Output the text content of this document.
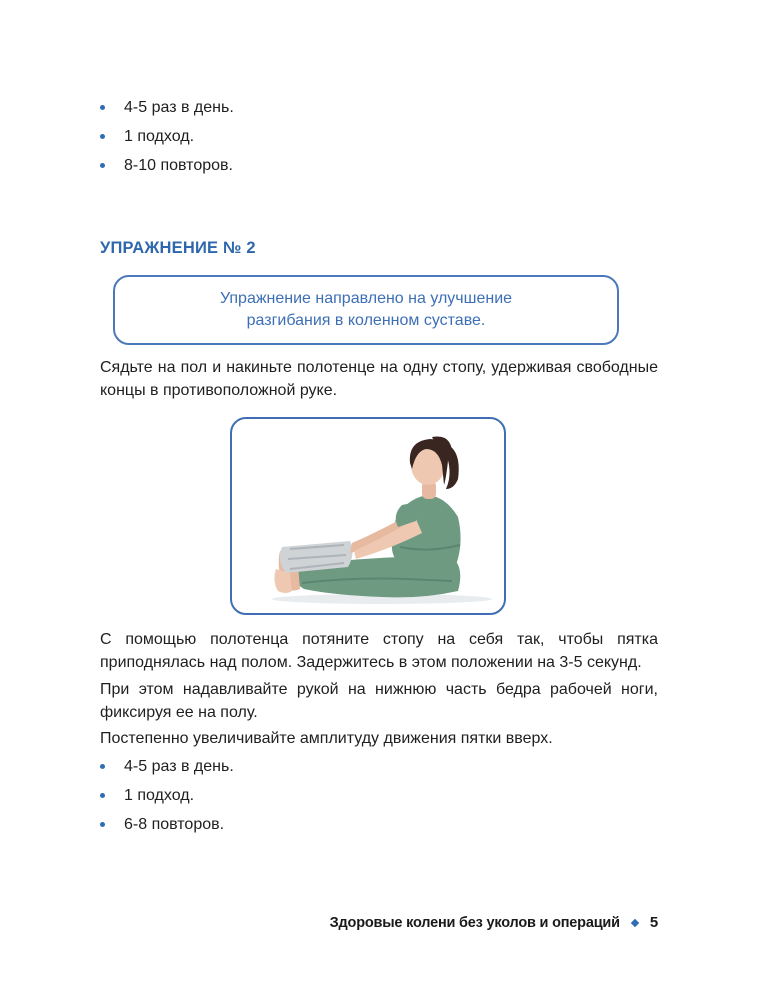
4-5 раз в день.
1 подход.
8-10 повторов.
УПРАЖНЕНИЕ № 2
Упражнение направлено на улучшение
разгибания в коленном суставе.

Сядьте на пол и накиньте полотенце на одну стопу, удерживая свободные концы в противоположной руке.

С помощью полотенца потяните стопу на себя так, чтобы пятка приподнялась над полом. Задержитесь в этом положении на 3-5 секунд.

При этом надавливайте рукой на нижнюю часть бедра рабочей ноги, фиксируя ее на полу.

Постепенно увеличивайте амплитуду движения пятки вверх.

4-5 раз в день.
1 подход.
6-8 повторов.
Здоровые колени без уколов и операций 5
